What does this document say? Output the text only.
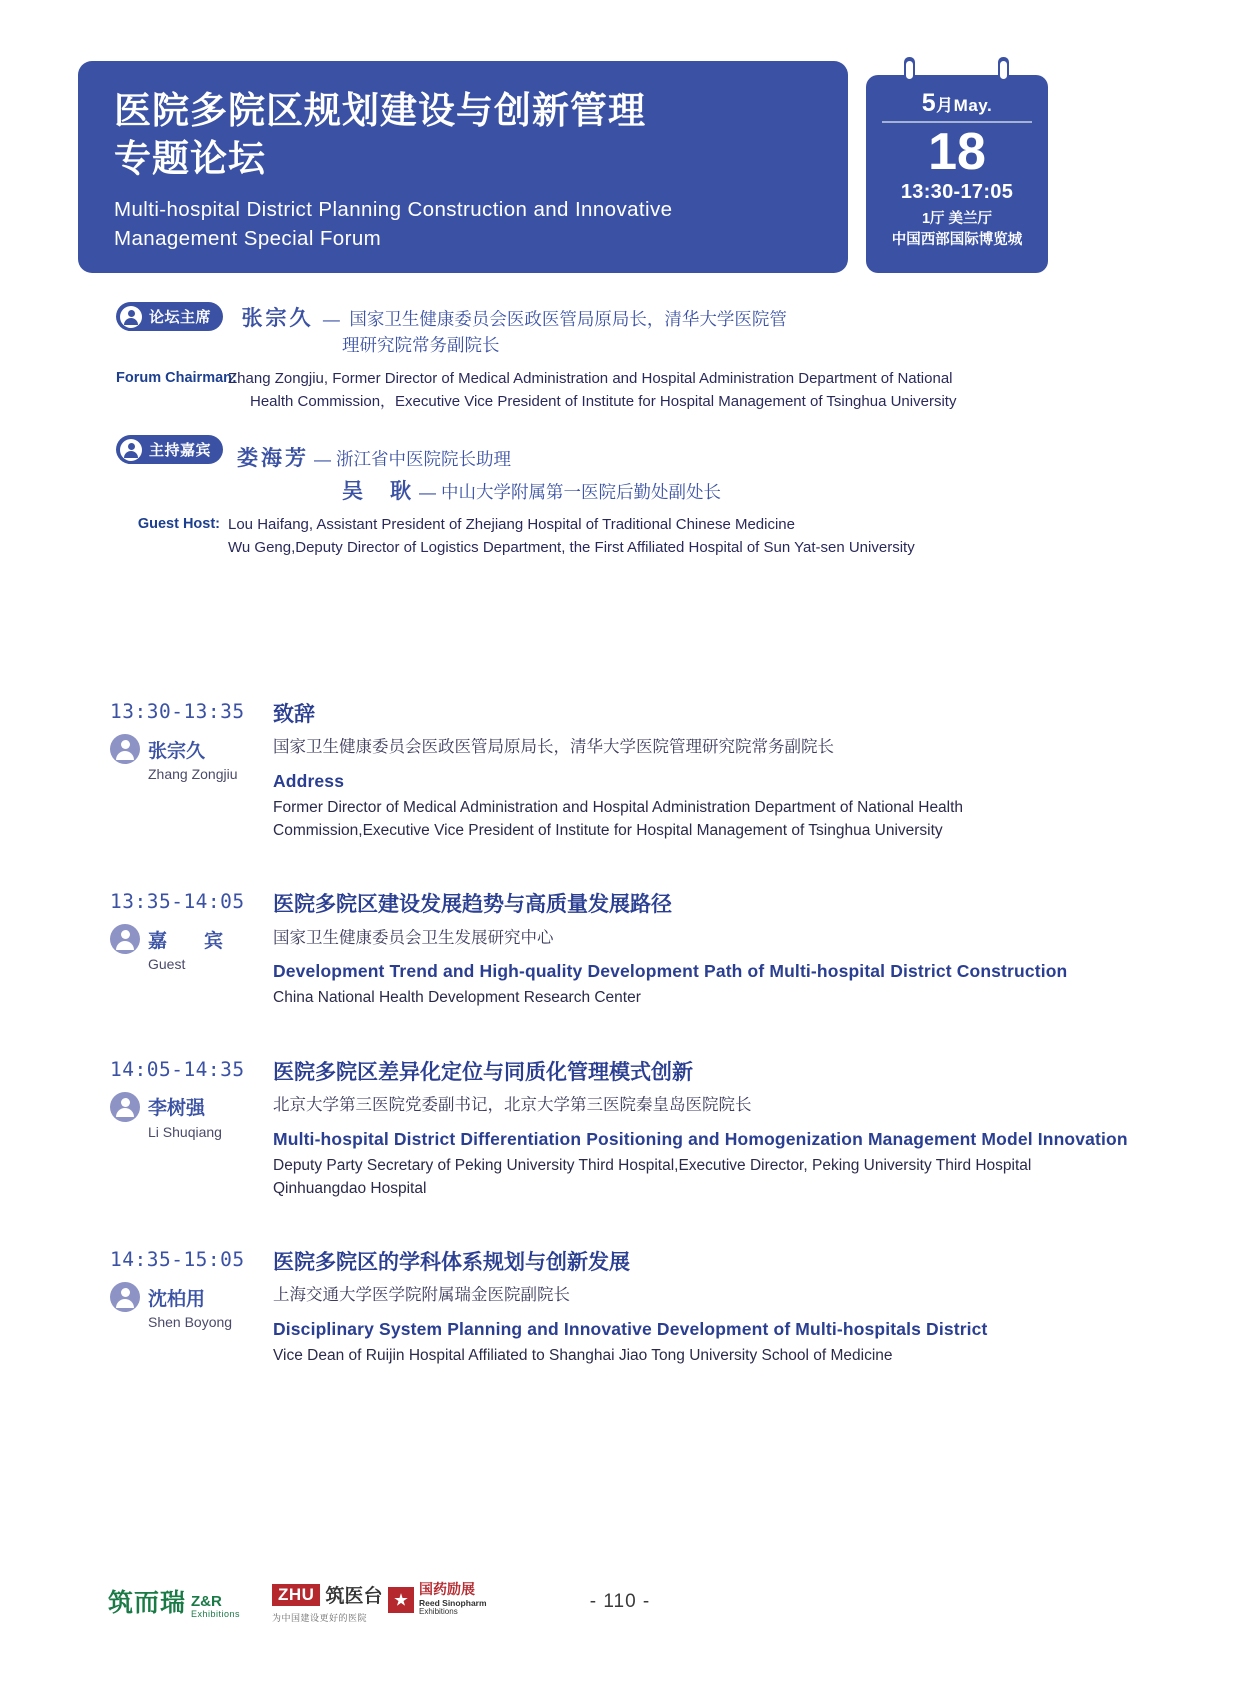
医院多院区规划建设与创新管理
专题论坛
Multi-hospital District Planning Construction and Innovative
Management Special Forum
5月May.
18
13:30-17:05
1厅 美兰厅
中国西部国际博览城
论坛主席 张宗久 — 国家卫生健康委员会医政医管局原局长，清华大学医院管
理研究院常务副院长
Forum Chairman:
Zhang Zongjiu, Former Director of Medical Administration and Hospital Administration Department of National
Health Commission，Executive Vice President of Institute for Hospital Management of Tsinghua University
主持嘉宾 娄海芳 — 浙江省中医院院长助理
吴　耿 — 中山大学附属第一医院后勤处副处长
Guest Host: Lou Haifang, Assistant President of Zhejiang Hospital of Traditional Chinese Medicine
Wu Geng,Deputy Director of Logistics Department, the First Affiliated Hospital of Sun Yat-sen University
13:30-13:35
张宗久
Zhang Zongjiu
致辞
国家卫生健康委员会医政医管局原局长，清华大学医院管理研究院常务副院长
Address
Former Director of Medical Administration and Hospital Administration Department of National Health
Commission,Executive Vice President of Institute for Hospital Management of Tsinghua University
13:35-14:05
嘉　宾
Guest
医院多院区建设发展趋势与高质量发展路径
国家卫生健康委员会卫生发展研究中心
Development Trend and High-quality Development Path of Multi-hospital District Construction
China National Health Development Research Center
14:05-14:35
李树强
Li Shuqiang
医院多院区差异化定位与同质化管理模式创新
北京大学第三医院党委副书记，北京大学第三医院秦皇岛医院院长
Multi-hospital District Differentiation Positioning and Homogenization Management Model Innovation
Deputy Party Secretary of Peking University Third Hospital,Executive Director, Peking University Third Hospital
Qinhuangdao Hospital
14:35-15:05
沈柏用
Shen Boyong
医院多院区的学科体系规划与创新发展
上海交通大学医学院附属瑞金医院副院长
Disciplinary System Planning and Innovative Development of Multi-hospitals District
Vice Dean of Ruijin Hospital Affiliated to Shanghai Jiao Tong University School of Medicine
筑而瑞 Z&R
Exhibitions
ZHU 筑医台
为中国建设更好的医院
国药励展
Reed Sinopharm
Exhibitions	- 110 -
